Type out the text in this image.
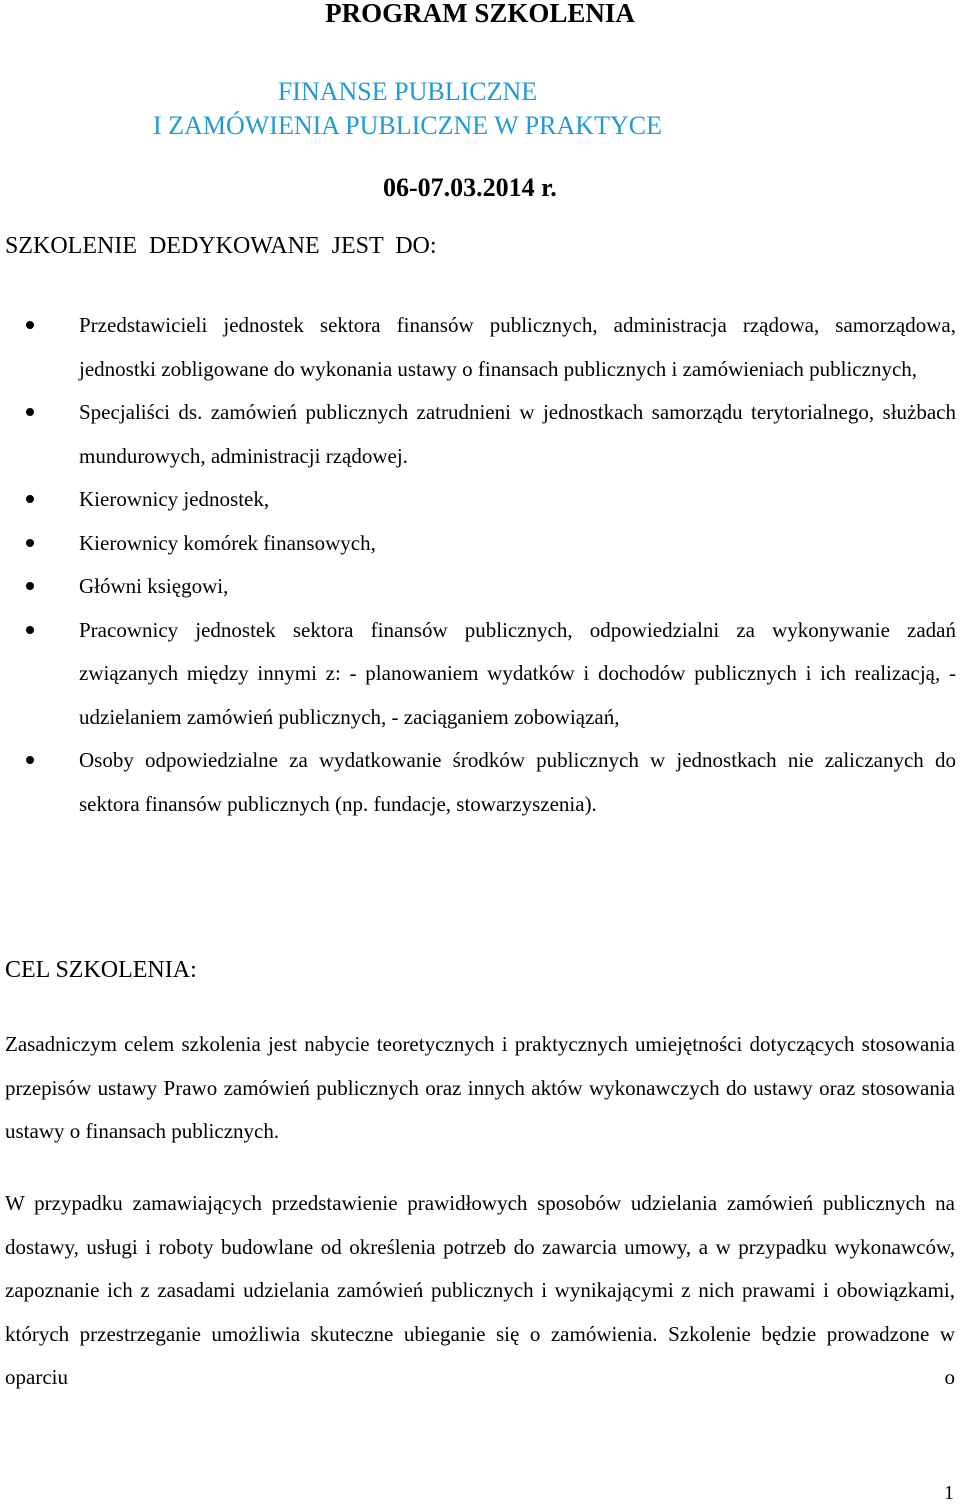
PROGRAM SZKOLENIA
FINANSE PUBLICZNE
I ZAMÓWIENIA PUBLICZNE W PRAKTYCE
06-07.03.2014 r.
SZKOLENIE DEDYKOWANE JEST DO:
Przedstawicieli jednostek sektora finansów publicznych, administracja rządowa, samorządowa, jednostki zobligowane do wykonania ustawy o finansach publicznych i zamówieniach publicznych,
Specjaliści ds. zamówień publicznych zatrudnieni w jednostkach samorządu terytorialnego, służbach mundurowych, administracji rządowej.
Kierownicy jednostek,
Kierownicy komórek finansowych,
Główni księgowi,
Pracownicy jednostek sektora finansów publicznych, odpowiedzialni za wykonywanie zadań związanych między innymi z: - planowaniem wydatków i dochodów publicznych i ich realizacją, - udzielaniem zamówień publicznych, - zaciąganiem zobowiązań,
Osoby odpowiedzialne za wydatkowanie środków publicznych w jednostkach nie zaliczanych do sektora finansów publicznych (np. fundacje, stowarzyszenia).
CEL SZKOLENIA:

Zasadniczym celem szkolenia jest nabycie teoretycznych i praktycznych umiejętności dotyczących stosowania przepisów ustawy Prawo zamówień publicznych oraz innych aktów wykonawczych do ustawy oraz stosowania ustawy o finansach publicznych.

W przypadku zamawiających przedstawienie prawidłowych sposobów udzielania zamówień publicznych na dostawy, usługi i roboty budowlane od określenia potrzeb do zawarcia umowy, a w przypadku wykonawców, zapoznanie ich z zasadami udzielania zamówień publicznych i wynikającymi z nich prawami i obowiązkami, których przestrzeganie umożliwia skuteczne ubieganie się o zamówienia. Szkolenie będzie prowadzone w oparciu o

1
